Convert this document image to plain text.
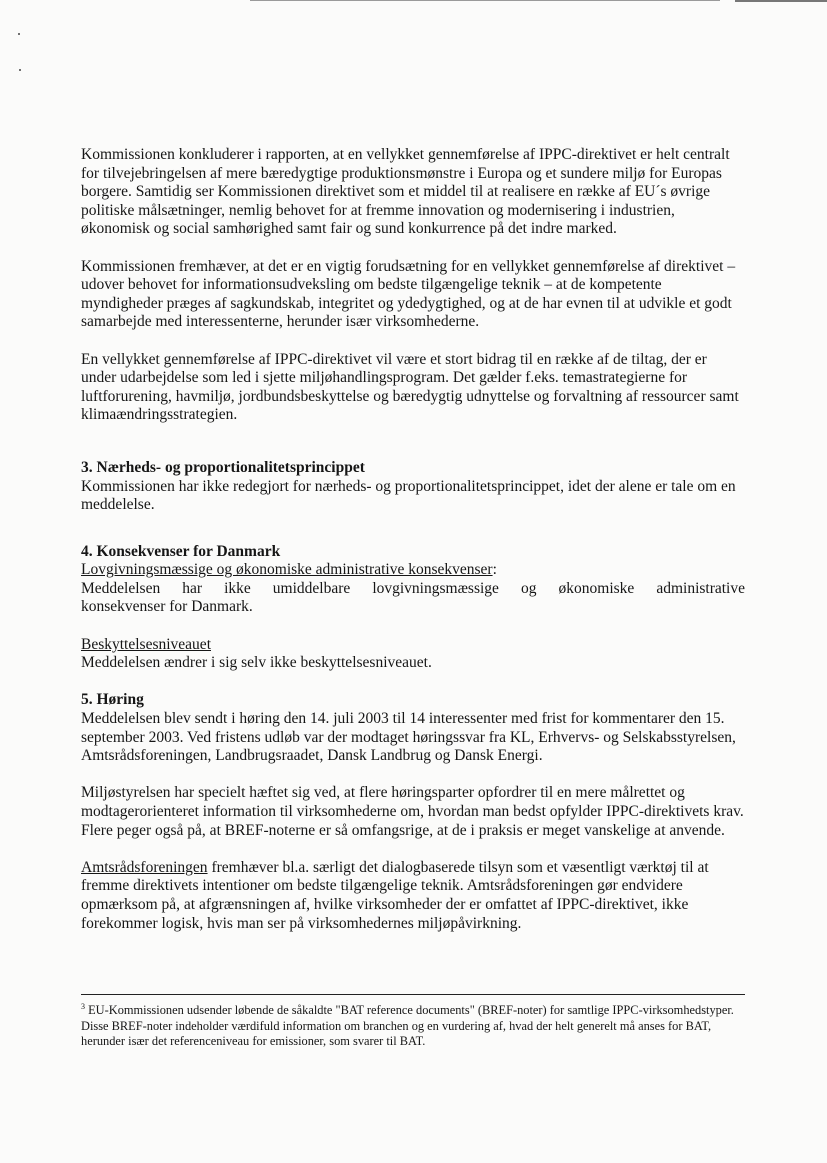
Kommissionen konkluderer i rapporten, at en vellykket gennemførelse af IPPC-direktivet er helt centralt for tilvejebringelsen af mere bæredygtige produktionsmønstre i Europa og et sundere miljø for Europas borgere. Samtidig ser Kommissionen direktivet som et middel til at realisere en række af EU´s øvrige politiske målsætninger, nemlig behovet for at fremme innovation og modernisering i industrien, økonomisk og social samhørighed samt fair og sund konkurrence på det indre marked.

Kommissionen fremhæver, at det er en vigtig forudsætning for en vellykket gennemførelse af direktivet – udover behovet for informationsudveksling om bedste tilgængelige teknik – at de kompetente myndigheder præges af sagkundskab, integritet og ydedygtighed, og at de har evnen til at udvikle et godt samarbejde med interessenterne, herunder især virksomhederne.

En vellykket gennemførelse af IPPC-direktivet vil være et stort bidrag til en række af de tiltag, der er under udarbejdelse som led i sjette miljøhandlingsprogram. Det gælder f.eks. temastrategierne for luftforurening, havmiljø, jordbundsbeskyttelse og bæredygtig udnyttelse og forvaltning af ressourcer samt klimaændringsstrategien.

3. Nærheds- og proportionalitetsprincippet

Kommissionen har ikke redegjort for nærheds- og proportionalitetsprincippet, idet der alene er tale om en meddelelse.

4. Konsekvenser for Danmark

Lovgivningsmæssige og økonomiske administrative konsekvenser:

Meddelelsen har ikke umiddelbare lovgivningsmæssige og økonomiske administrative
konsekvenser for Danmark.

Beskyttelsesniveauet

Meddelelsen ændrer i sig selv ikke beskyttelsesniveauet.

5. Høring

Meddelelsen blev sendt i høring den 14. juli 2003 til 14 interessenter med frist for kommentarer den 15. september 2003. Ved fristens udløb var der modtaget høringssvar fra KL, Erhvervs- og Selskabsstyrelsen, Amtsrådsforeningen, Landbrugsraadet, Dansk Landbrug og Dansk Energi.

Miljøstyrelsen har specielt hæftet sig ved, at flere høringsparter opfordrer til en mere målrettet og modtagerorienteret information til virksomhederne om, hvordan man bedst opfylder IPPC-direktivets krav. Flere peger også på, at BREF-noterne er så omfangsrige, at de i praksis er meget vanskelige at anvende.

Amtsrådsforeningen fremhæver bl.a. særligt det dialogbaserede tilsyn som et væsentligt værktøj til at fremme direktivets intentioner om bedste tilgængelige teknik. Amtsrådsforeningen gør endvidere opmærksom på, at afgrænsningen af, hvilke virksomheder der er omfattet af IPPC-direktivet, ikke forekommer logisk, hvis man ser på virksomhedernes miljøpåvirkning.

$^3$ EU-Kommissionen udsender løbende de såkaldte "BAT reference documents" (BREF-noter) for samtlige IPPC-virksomhedstyper. Disse BREF-noter indeholder værdifuld information om branchen og en vurdering af, hvad der helt generelt må anses for BAT, herunder især det referenceniveau for emissioner, som svarer til BAT.
